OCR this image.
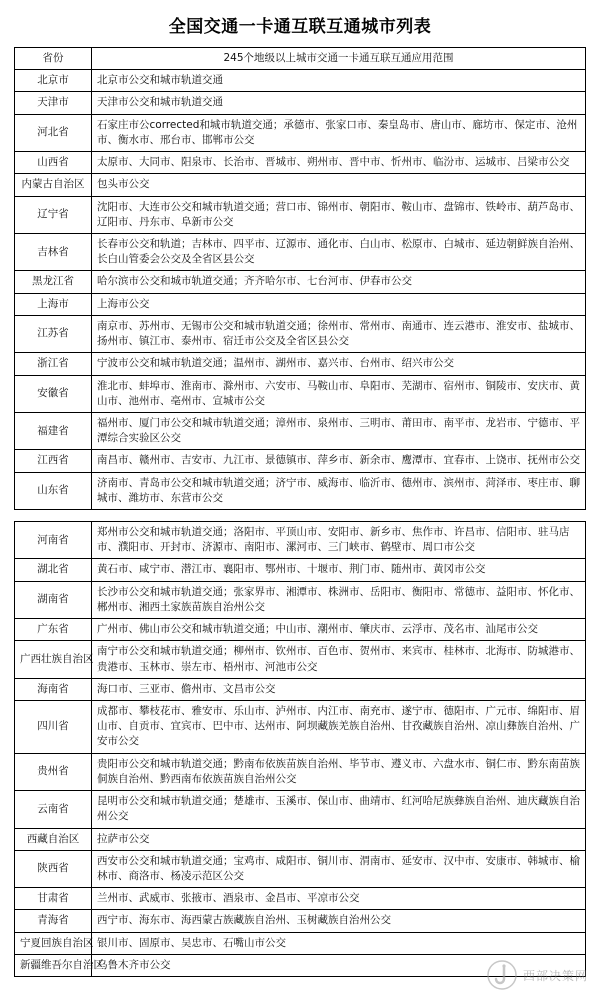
全国交通一卡通互联互通城市列表
省份	245个地级以上城市交通一卡通互联互通应用范围
北京市	北京市公交和城市轨道交通
天津市	天津市公交和城市轨道交通
河北省	石家庄市公corrected和城市轨道交通；承德市、张家口市、秦皇岛市、唐山市、廊坊市、保定市、沧州市、衡水市、邢台市、邯郸市公交
山西省	太原市、大同市、阳泉市、长治市、晋城市、朔州市、晋中市、忻州市、临汾市、运城市、吕梁市公交
内蒙古自治区	包头市公交
辽宁省	沈阳市、大连市公交和城市轨道交通；营口市、锦州市、朝阳市、鞍山市、盘锦市、铁岭市、葫芦岛市、辽阳市、丹东市、阜新市公交
吉林省	长春市公交和轨道；吉林市、四平市、辽源市、通化市、白山市、松原市、白城市、延边朝鲜族自治州、长白山管委会公交及全省区县公交
黑龙江省	哈尔滨市公交和城市轨道交通；齐齐哈尔市、七台河市、伊春市公交
上海市	上海市公交
江苏省	南京市、苏州市、无锡市公交和城市轨道交通；徐州市、常州市、南通市、连云港市、淮安市、盐城市、扬州市、镇江市、泰州市、宿迁市公交及全省区县公交
浙江省	宁波市公交和城市轨道交通；温州市、湖州市、嘉兴市、台州市、绍兴市公交
安徽省	淮北市、蚌埠市、淮南市、滁州市、六安市、马鞍山市、阜阳市、芜湖市、宿州市、铜陵市、安庆市、黄山市、池州市、亳州市、宣城市公交
福建省	福州市、厦门市公交和城市轨道交通；漳州市、泉州市、三明市、莆田市、南平市、龙岩市、宁德市、平潭综合实验区公交
江西省	南昌市、赣州市、吉安市、九江市、景德镇市、萍乡市、新余市、鹰潭市、宜春市、上饶市、抚州市公交
山东省	济南市、青岛市公交和城市轨道交通；济宁市、威海市、临沂市、德州市、滨州市、菏泽市、枣庄市、聊城市、潍坊市、东营市公交
河南省	郑州市公交和城市轨道交通；洛阳市、平顶山市、安阳市、新乡市、焦作市、许昌市、信阳市、驻马店市、濮阳市、开封市、济源市、南阳市、漯河市、三门峡市、鹤壁市、周口市公交
湖北省	黄石市、咸宁市、潜江市、襄阳市、鄂州市、十堰市、荆门市、随州市、黄冈市公交
湖南省	长沙市公交和城市轨道交通；张家界市、湘潭市、株洲市、岳阳市、衡阳市、常德市、益阳市、怀化市、郴州市、湘西土家族苗族自治州公交
广东省	广州市、佛山市公交和城市轨道交通；中山市、潮州市、肇庆市、云浮市、茂名市、汕尾市公交
广西壮族自治区	南宁市公交和城市轨道交通；柳州市、钦州市、百色市、贺州市、来宾市、桂林市、北海市、防城港市、贵港市、玉林市、崇左市、梧州市、河池市公交
海南省	海口市、三亚市、儋州市、文昌市公交
四川省	成都市、攀枝花市、雅安市、乐山市、泸州市、内江市、南充市、遂宁市、德阳市、广元市、绵阳市、眉山市、自贡市、宜宾市、巴中市、达州市、阿坝藏族羌族自治州、甘孜藏族自治州、凉山彝族自治州、广安市公交
贵州省	贵阳市公交和城市轨道交通；黔南布依族苗族自治州、毕节市、遵义市、六盘水市、铜仁市、黔东南苗族侗族自治州、黔西南布依族苗族自治州公交
云南省	昆明市公交和城市轨道交通；楚雄市、玉溪市、保山市、曲靖市、红河哈尼族彝族自治州、迪庆藏族自治州公交
西藏自治区	拉萨市公交
陕西省	西安市公交和城市轨道交通；宝鸡市、咸阳市、铜川市、渭南市、延安市、汉中市、安康市、韩城市、榆林市、商洛市、杨凌示范区公交
甘肃省	兰州市、武威市、张掖市、酒泉市、金昌市、平凉市公交
青海省	西宁市、海东市、海西蒙古族藏族自治州、玉树藏族自治州公交
宁夏回族自治区	银川市、固原市、吴忠市、石嘴山市公交
新疆维吾尔自治区	乌鲁木齐市公交
西部决策网
